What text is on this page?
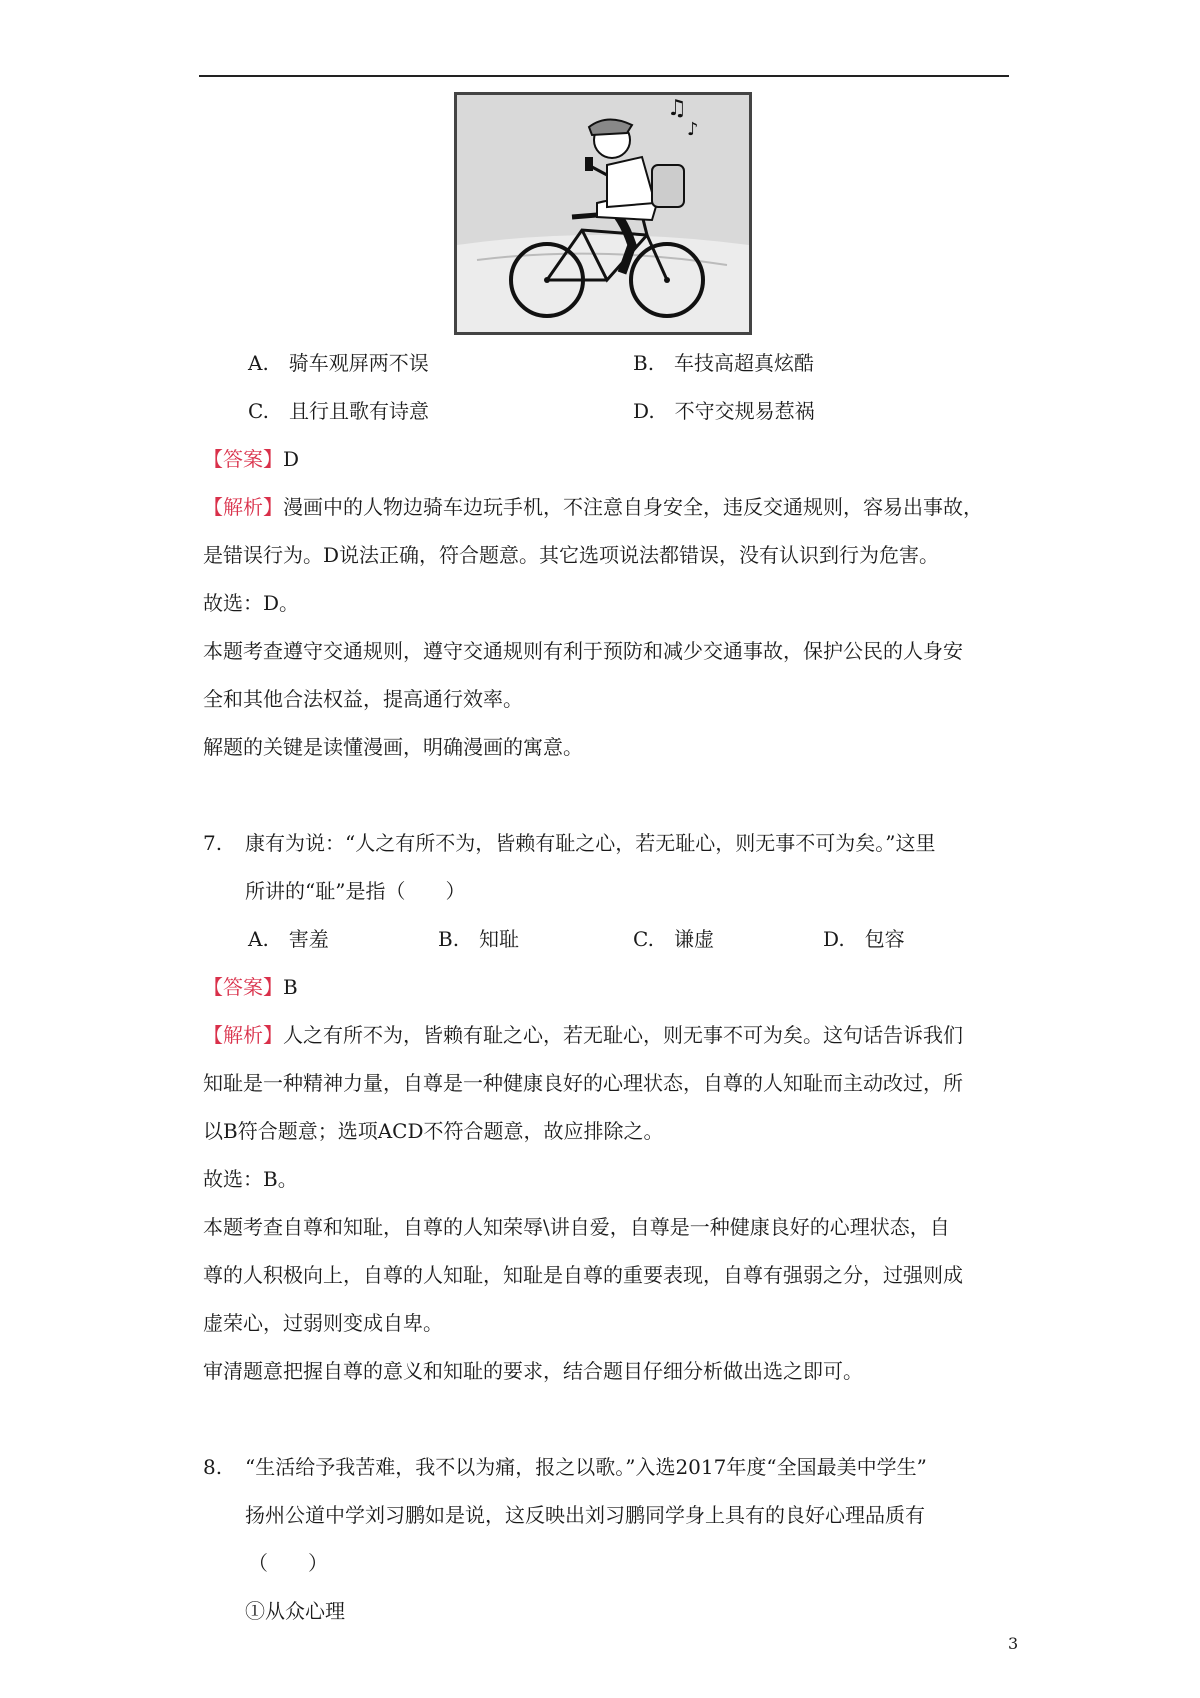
♫
♪
A.　骑车观屏两不误	B.　车技高超真炫酷
C.　且行且歌有诗意	D.　不守交规易惹祸
【答案】D
【解析】漫画中的人物边骑车边玩手机，不注意自身安全，违反交通规则，容易出事故，
是错误行为。D说法正确，符合题意。其它选项说法都错误，没有认识到行为危害。
故选：D。
本题考查遵守交通规则，遵守交通规则有利于预防和减少交通事故，保护公民的人身安
全和其他合法权益，提高通行效率。
解题的关键是读懂漫画，明确漫画的寓意。
7. 康有为说：“人之有所不为，皆赖有耻之心，若无耻心，则无事不可为矣。”这里
所讲的“耻”是指（　　）
A.　害羞	B.　知耻	C.　谦虚	D.　包容
【答案】B
【解析】人之有所不为，皆赖有耻之心，若无耻心，则无事不可为矣。这句话告诉我们
知耻是一种精神力量，自尊是一种健康良好的心理状态，自尊的人知耻而主动改过，所
以B符合题意；选项ACD不符合题意，故应排除之。
故选：B。
本题考查自尊和知耻，自尊的人知荣辱\讲自爱，自尊是一种健康良好的心理状态，自
尊的人积极向上，自尊的人知耻，知耻是自尊的重要表现，自尊有强弱之分，过强则成
虚荣心，过弱则变成自卑。
审清题意把握自尊的意义和知耻的要求，结合题目仔细分析做出选之即可。
8. “生活给予我苦难，我不以为痛，报之以歌。”入选2017年度“全国最美中学生”
扬州公道中学刘习鹏如是说，这反映出刘习鹏同学身上具有的良好心理品质有
（　　）
①从众心理
3
